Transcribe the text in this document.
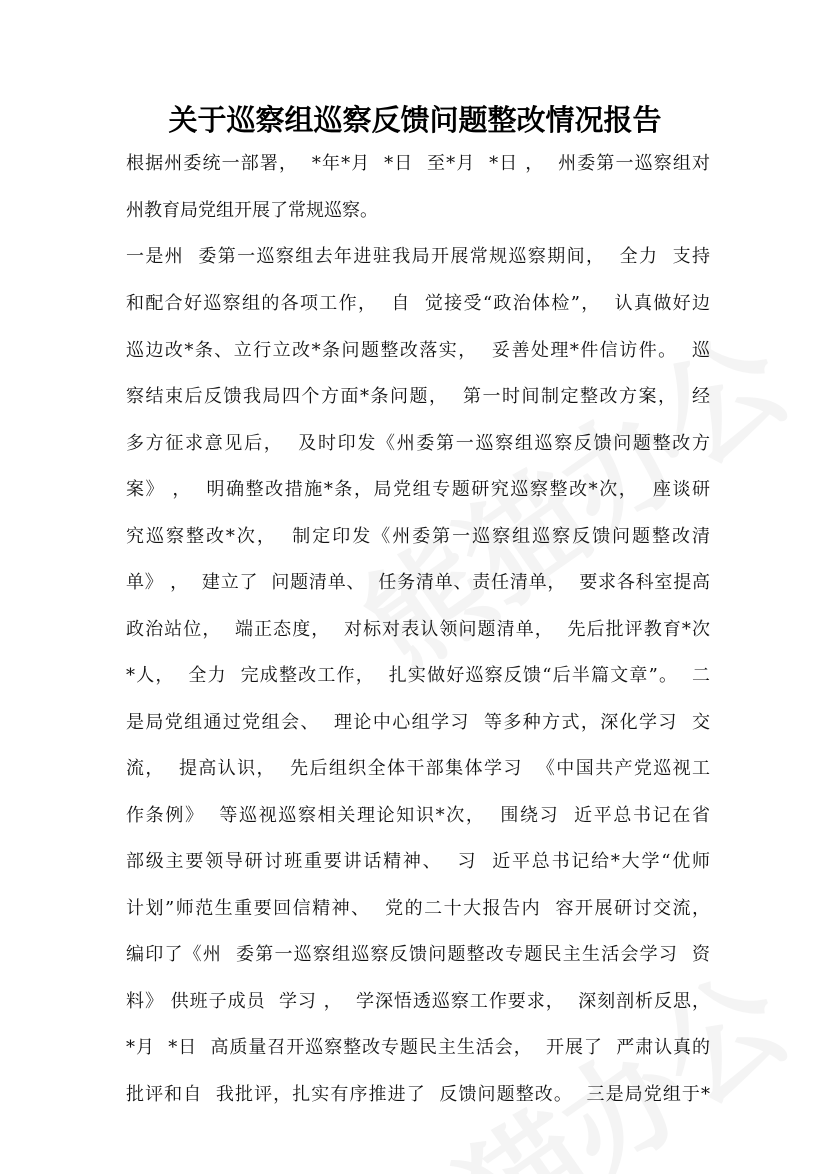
关于巡察组巡察反馈问题整改情况报告
根据州委统一部署，  *年*月  *日  至*月  *日 ，  州委第一巡察组对
州教育局党组开展了常规巡察。
一是州  委第一巡察组去年进驻我局开展常规巡察期间，  全力  支持
和配合好巡察组的各项工作，  自  觉接受“政治体检”，  认真做好边
巡边改*条、立行立改*条问题整改落实，  妥善处理*件信访件。  巡
察结束后反馈我局四个方面*条问题，  第一时间制定整改方案，  经
多方征求意见后，  及时印发《州委第一巡察组巡察反馈问题整改方
案》 ，  明确整改措施*条，局党组专题研究巡察整改*次，  座谈研
究巡察整改*次，  制定印发《州委第一巡察组巡察反馈问题整改清
单》 ，  建立了  问题清单、  任务清单、责任清单，  要求各科室提高
政治站位，  端正态度，  对标对表认领问题清单，  先后批评教育*次
*人，  全力  完成整改工作，  扎实做好巡察反馈“后半篇文章”。  二
是局党组通过党组会、  理论中心组学习  等多种方式，深化学习  交
流，  提高认识，  先后组织全体干部集体学习  《中国共产党巡视工
作条例》  等巡视巡察相关理论知识*次，  围绕习  近平总书记在省
部级主要领导研讨班重要讲话精神、  习  近平总书记给*大学“优师
计划”师范生重要回信精神、  党的二十大报告内  容开展研讨交流，
编印了《州  委第一巡察组巡察反馈问题整改专题民主生活会学习  资
料》 供班子成员  学习 ，  学深悟透巡察工作要求，  深刻剖析反思，
*月  *日  高质量召开巡察整改专题民主生活会，  开展了  严肃认真的
批评和自  我批评，扎实有序推进了  反馈问题整改。  三是局党组于*
